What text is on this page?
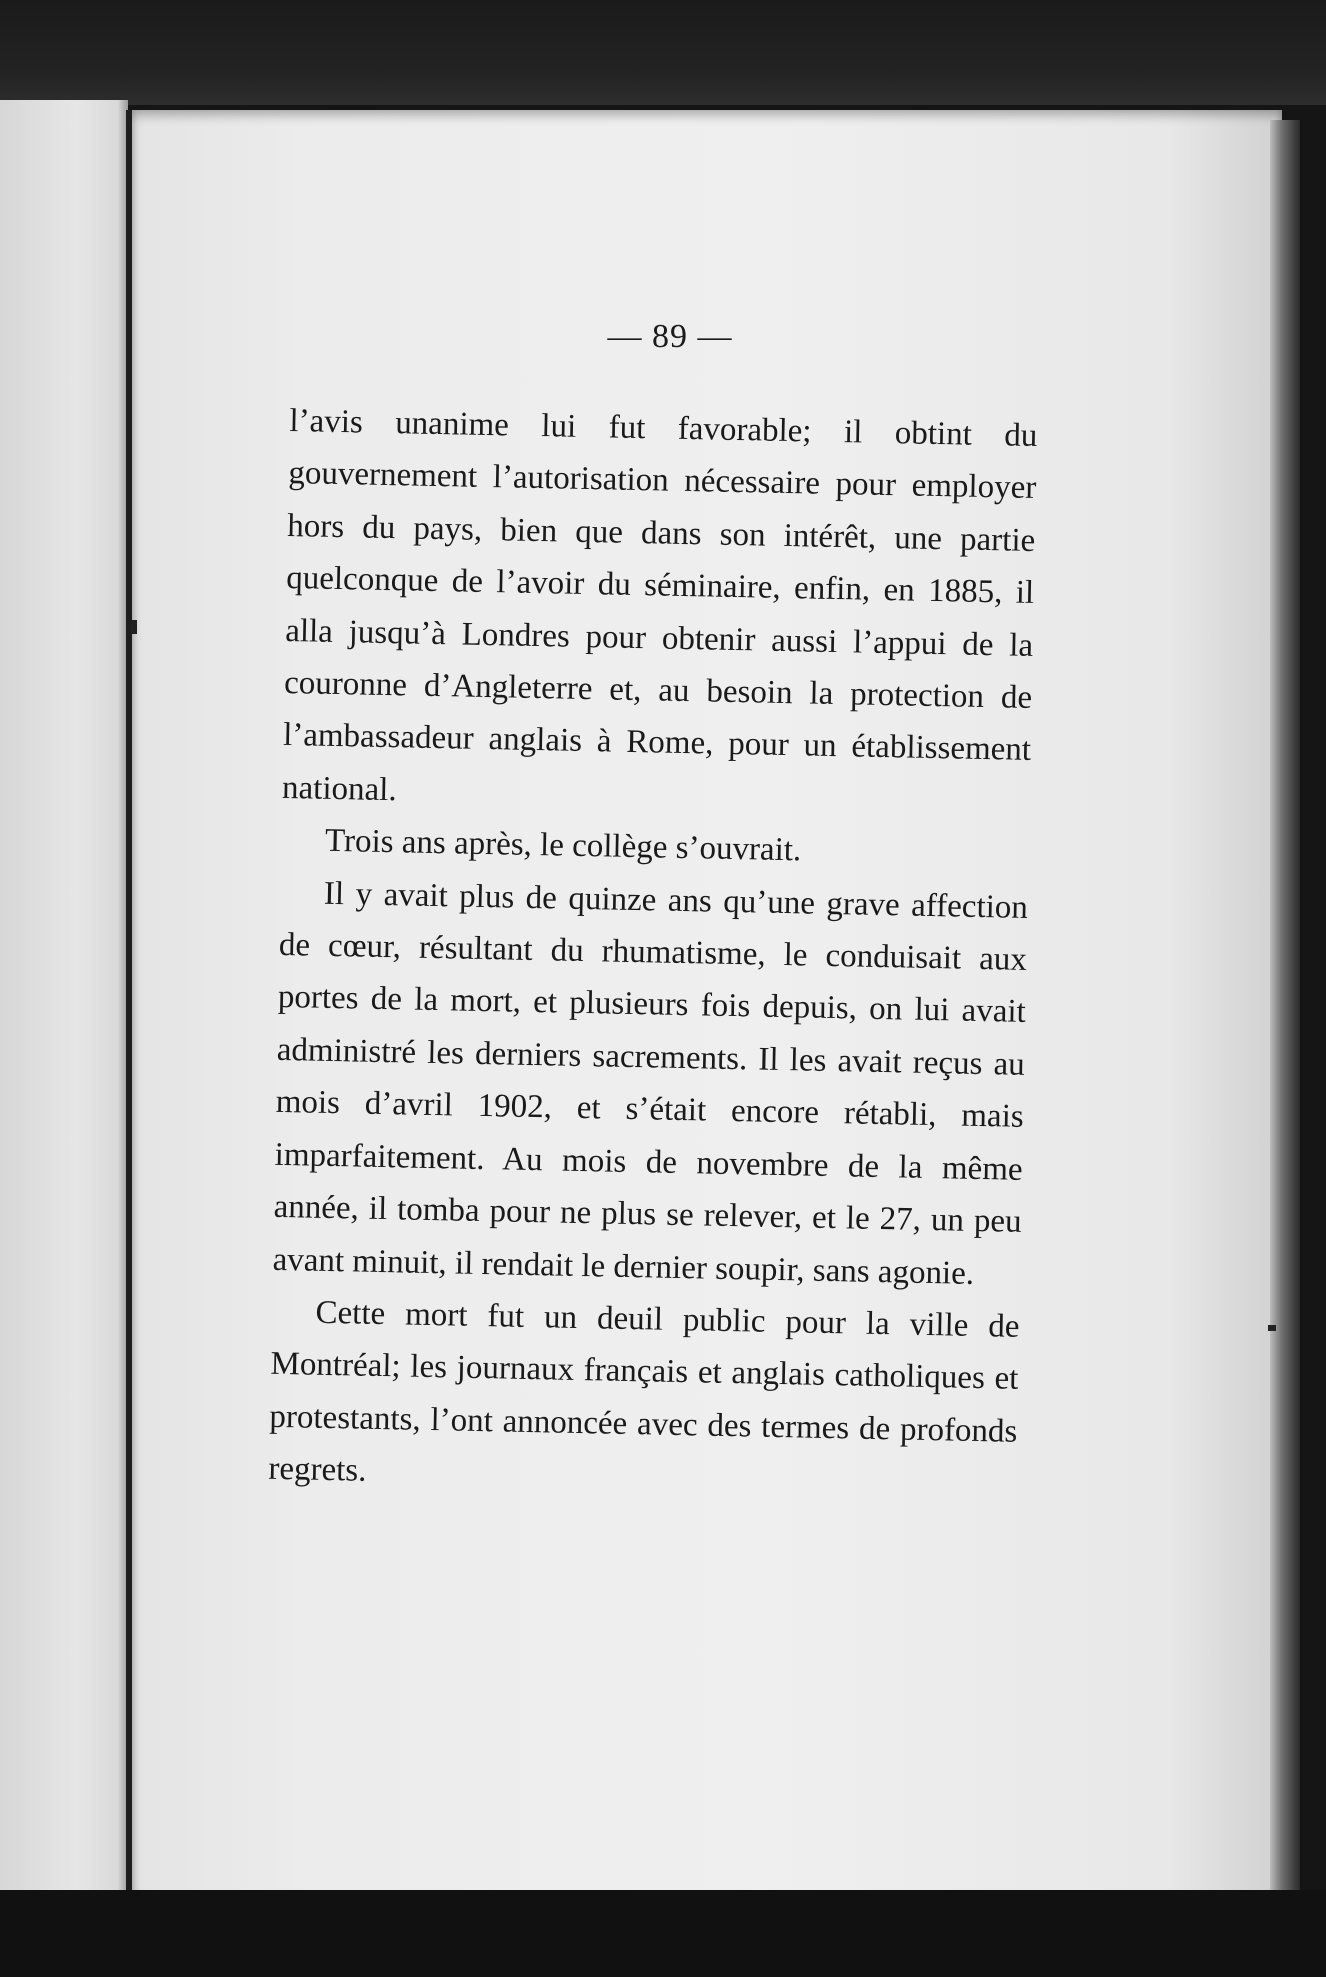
— 89 —

l’avis unanime lui fut favorable; il obtint du gouvernement l’autorisation nécessaire pour employer hors du pays, bien que dans son intérêt, une partie quelconque de l’avoir du séminaire, enfin, en 1885, il alla jusqu’à Londres pour obtenir aussi l’appui de la couronne d’Angleterre et, au besoin la protection de l’ambassadeur anglais à Rome, pour un établissement national.

Trois ans après, le collège s’ouvrait.

Il y avait plus de quinze ans qu’une grave affection de cœur, résultant du rhumatisme, le conduisait aux portes de la mort, et plusieurs fois depuis, on lui avait administré les derniers sacrements. Il les avait reçus au mois d’avril 1902, et s’était encore rétabli, mais imparfaitement. Au mois de novembre de la même année, il tomba pour ne plus se relever, et le 27, un peu avant minuit, il rendait le dernier soupir, sans agonie.

Cette mort fut un deuil public pour la ville de Montréal; les journaux français et anglais catholiques et protestants, l’ont annoncée avec des termes de profonds regrets.
